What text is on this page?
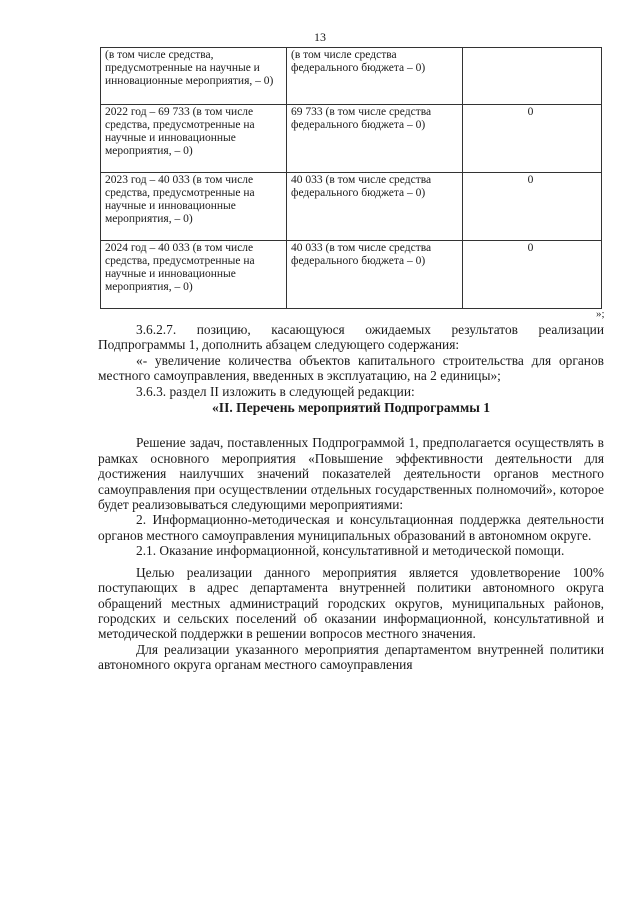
13
(в том числе средства, предусмотренные на научные и инновационные мероприятия, – 0)	(в том числе средства федерального бюджета – 0)	
2022 год – 69 733 (в том числе средства, предусмотренные на научные и инновационные мероприятия, – 0)	69 733 (в том числе средства федерального бюджета – 0)	0
2023 год – 40 033 (в том числе средства, предусмотренные на научные и инновационные мероприятия, – 0)	40 033 (в том числе средства федерального бюджета – 0)	0
2024 год – 40 033 (в том числе средства, предусмотренные на научные и инновационные мероприятия, – 0)	40 033 (в том числе средства федерального бюджета – 0)	0
»;

3.6.2.7. позицию, касающуюся ожидаемых результатов реализации Подпрограммы 1, дополнить абзацем следующего содержания:

«- увеличение количества объектов капитального строительства для органов местного самоуправления, введенных в эксплуатацию, на 2 единицы»;

3.6.3. раздел II изложить в следующей редакции:

«II. Перечень мероприятий Подпрограммы 1

Решение задач, поставленных Подпрограммой 1, предполагается осуществлять в рамках основного мероприятия «Повышение эффективности деятельности для достижения наилучших значений показателей деятельности органов местного самоуправления при осуществлении отдельных государственных полномочий», которое будет реализовываться следующими мероприятиями:

2. Информационно-методическая и консультационная поддержка деятельности органов местного самоуправления муниципальных образований в автономном округе.

2.1. Оказание информационной, консультативной и методической помощи.

Целью реализации данного мероприятия является удовлетворение 100% поступающих в адрес департамента внутренней политики автономного округа обращений местных администраций городских округов, муниципальных районов, городских и сельских поселений об оказании информационной, консультативной и методической поддержки в решении вопросов местного значения.

Для реализации указанного мероприятия департаментом внутренней политики автономного округа органам местного самоуправления
